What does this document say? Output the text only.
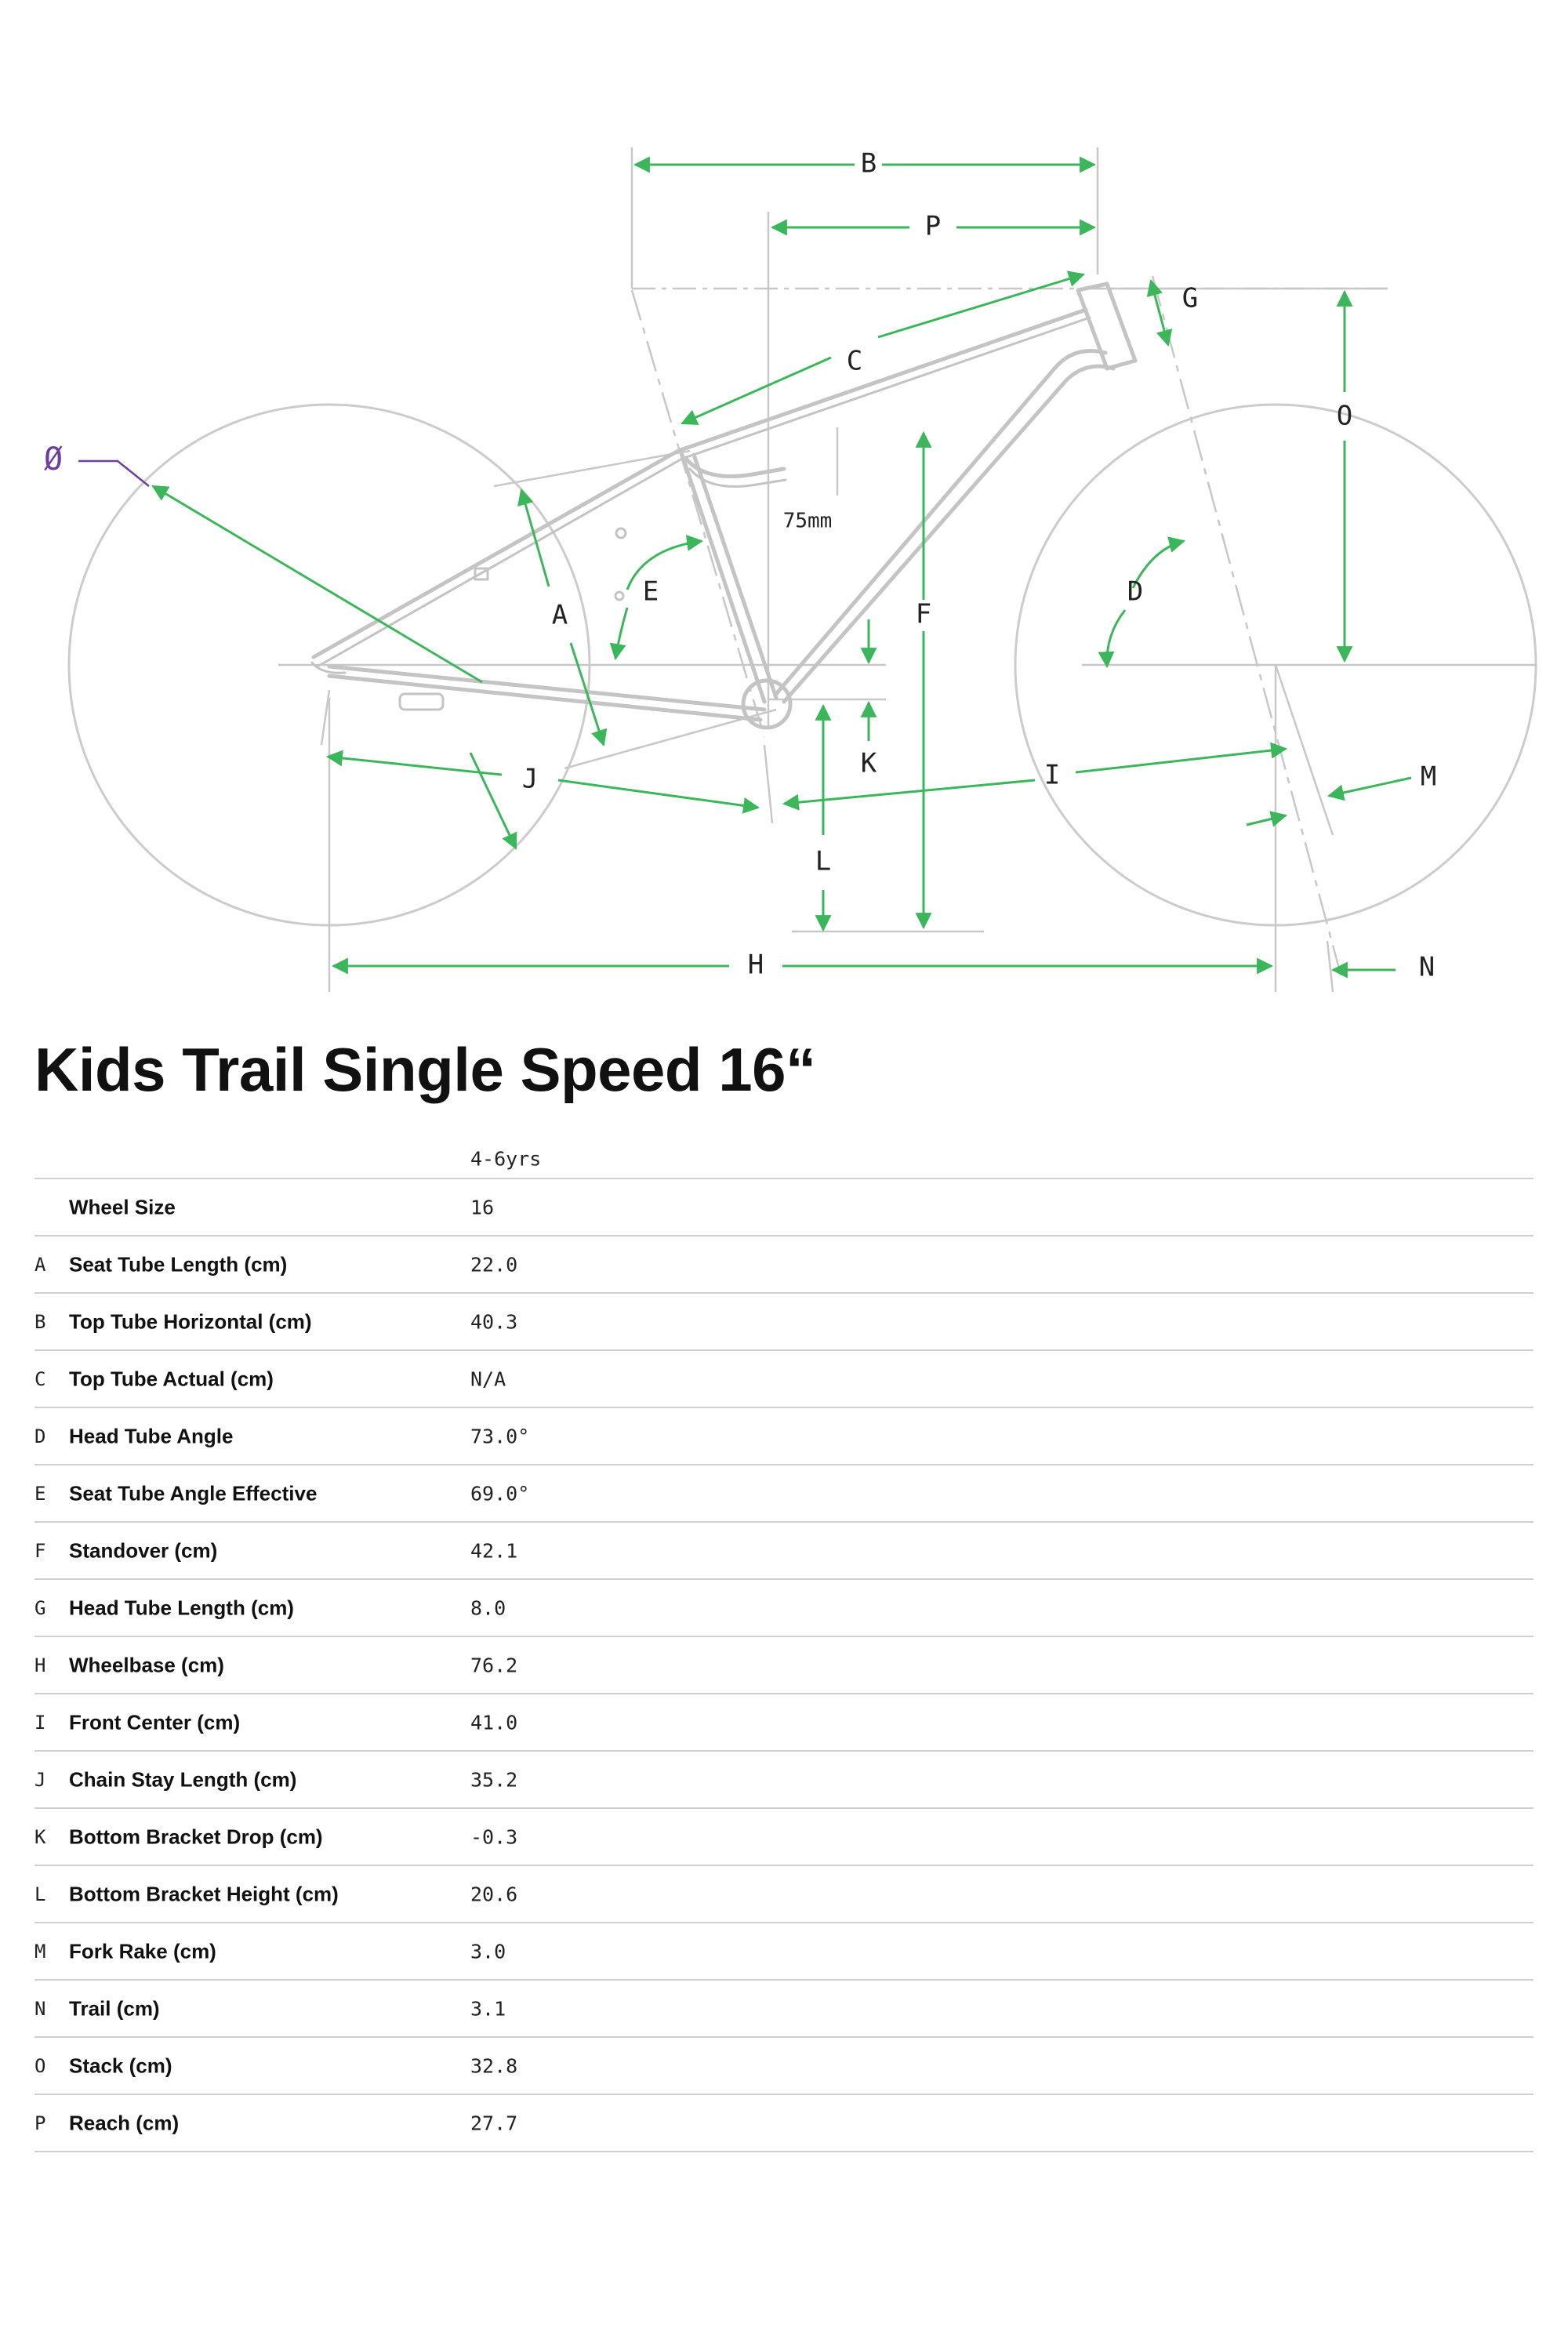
B
P
C
G
O
F
K
L
H
J	I
A
E	D
M
N
75mm
Ø
Kids Trail Single Speed 16“
4-6yrs
Wheel Size	16
A Seat Tube Length (cm)	22.0
B Top Tube Horizontal (cm)	40.3
C Top Tube Actual (cm)	N/A
D Head Tube Angle	73.0°
E Seat Tube Angle Effective	69.0°
F Standover (cm)	42.1
G Head Tube Length (cm)	8.0
H Wheelbase (cm)	76.2
I Front Center (cm)	41.0
J Chain Stay Length (cm)	35.2
K Bottom Bracket Drop (cm)	-0.3
L Bottom Bracket Height (cm)	20.6
M Fork Rake (cm)	3.0
N Trail (cm)	3.1
O Stack (cm)	32.8
P Reach (cm)	27.7
